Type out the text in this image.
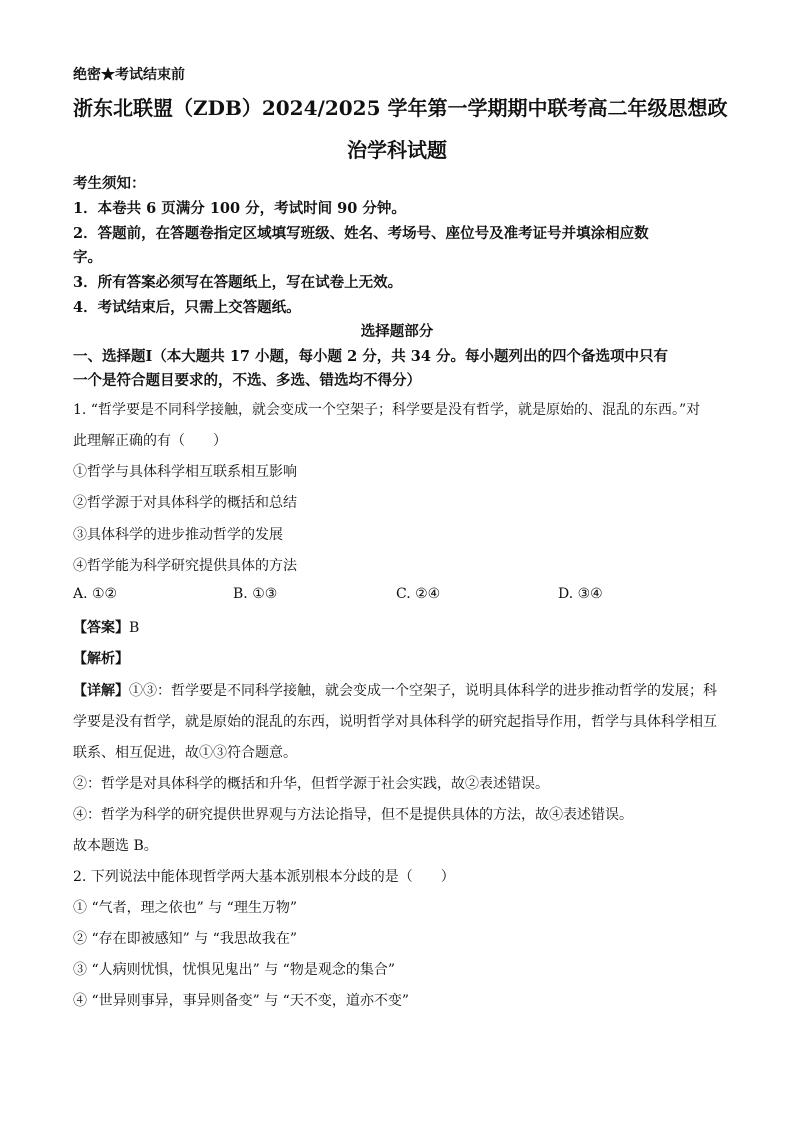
绝密★考试结束前
浙东北联盟（ZDB）2024/2025 学年第一学期期中联考高二年级思想政
治学科试题
考生须知：
1．本卷共 6 页满分 100 分，考试时间 90 分钟。
2．答题前，在答题卷指定区域填写班级、姓名、考场号、座位号及准考证号并填涂相应数
字。
3．所有答案必须写在答题纸上，写在试卷上无效。
4．考试结束后，只需上交答题纸。
选择题部分
一、选择题Ⅰ（本大题共 17 小题，每小题 2 分，共 34 分。每小题列出的四个备选项中只有
一个是符合题目要求的，不选、多选、错选均不得分）
1. “哲学要是不同科学接触，就会变成一个空架子；科学要是没有哲学，就是原始的、混乱的东西。”对
此理解正确的有（　　）
①哲学与具体科学相互联系相互影响
②哲学源于对具体科学的概括和总结
③具体科学的进步推动哲学的发展
④哲学能为科学研究提供具体的方法
A. ①②	B. ①③	C. ②④	D. ③④
【答案】B
【解析】
【详解】①③：哲学要是不同科学接触，就会变成一个空架子，说明具体科学的进步推动哲学的发展；科
学要是没有哲学，就是原始的混乱的东西，说明哲学对具体科学的研究起指导作用，哲学与具体科学相互
联系、相互促进，故①③符合题意。
②：哲学是对具体科学的概括和升华，但哲学源于社会实践，故②表述错误。
④：哲学为科学的研究提供世界观与方法论指导，但不是提供具体的方法，故④表述错误。
故本题选 B。
2. 下列说法中能体现哲学两大基本派别根本分歧的是（　　）
① “气者，理之依也” 与 “理生万物”
② “存在即被感知” 与 “我思故我在”
③ “人病则忧惧，忧惧见鬼出” 与 “物是观念的集合”
④ “世异则事异，事异则备变” 与 “天不变，道亦不变”
